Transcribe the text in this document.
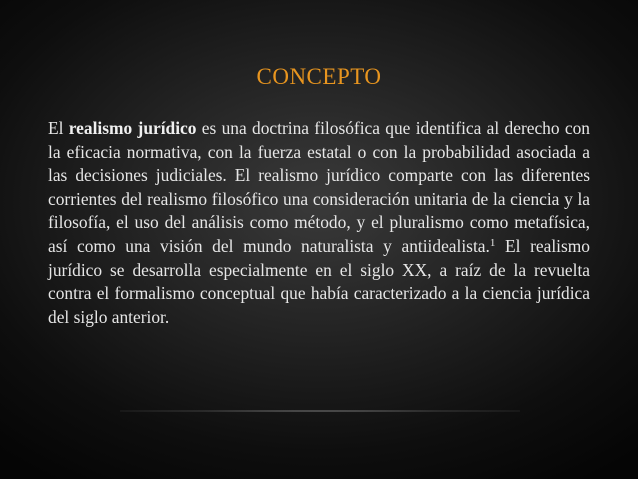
CONCEPTO

El realismo jurídico es una doctrina filosófica que identifica al derecho con la eficacia normativa, con la fuerza estatal o con la probabilidad asociada a las decisiones judiciales. El realismo jurídico comparte con las diferentes corrientes del realismo filosófico una consideración unitaria de la ciencia y la filosofía, el uso del análisis como método, y el pluralismo como metafísica, así como una visión del mundo naturalista y antiidealista.$^1$ El realismo jurídico se desarrolla especialmente en el siglo XX, a raíz de la revuelta contra el formalismo conceptual que había caracterizado a la ciencia jurídica del siglo anterior.
